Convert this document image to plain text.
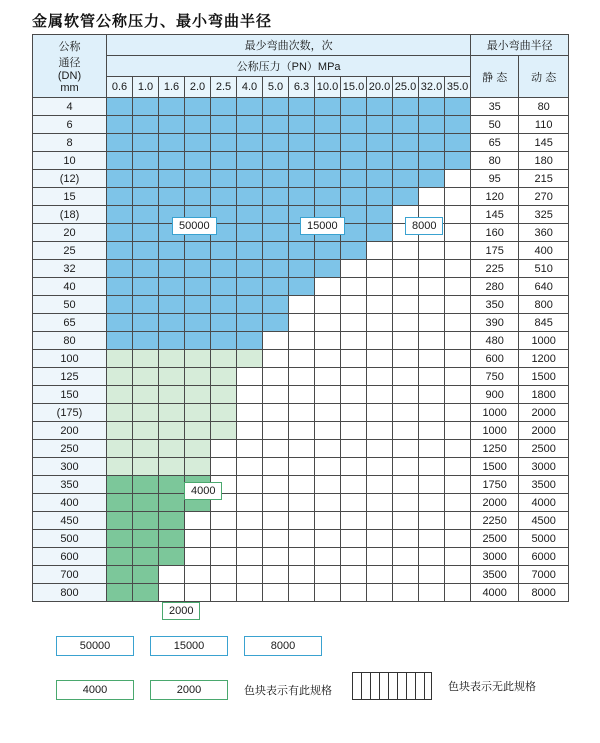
金属软管公称压力、最小弯曲半径
公称
通径
(DN)
mm	最少弯曲次数，次														最小弯曲半径	
	公称压力（PN）MPa														静 态	动 态
	0.6	1.0	1.6	2.0	2.5	4.0	5.0	6.3	10.0	15.0	20.0	25.0	32.0	35.0		
4															35	80
6															50	110
8															65	145
10															80	180
(12)															95	215
15															120	270
(18)															145	325
20															160	360
25															175	400
32															225	510
40															280	640
50															350	800
65															390	845
80															480	1000
100															600	1200
125															750	1500
150															900	1800
(175)															1000	2000
200															1000	2000
250															1250	2500
300															1500	3000
350															1750	3500
400															2000	4000
450															2250	4500
500															2500	5000
600															3000	6000
700															3500	7000
800															4000	8000
50000	15000	8000
4000
2000
50000	15000	8000
4000	2000	色块表示有此规格	色块表示无此规格
